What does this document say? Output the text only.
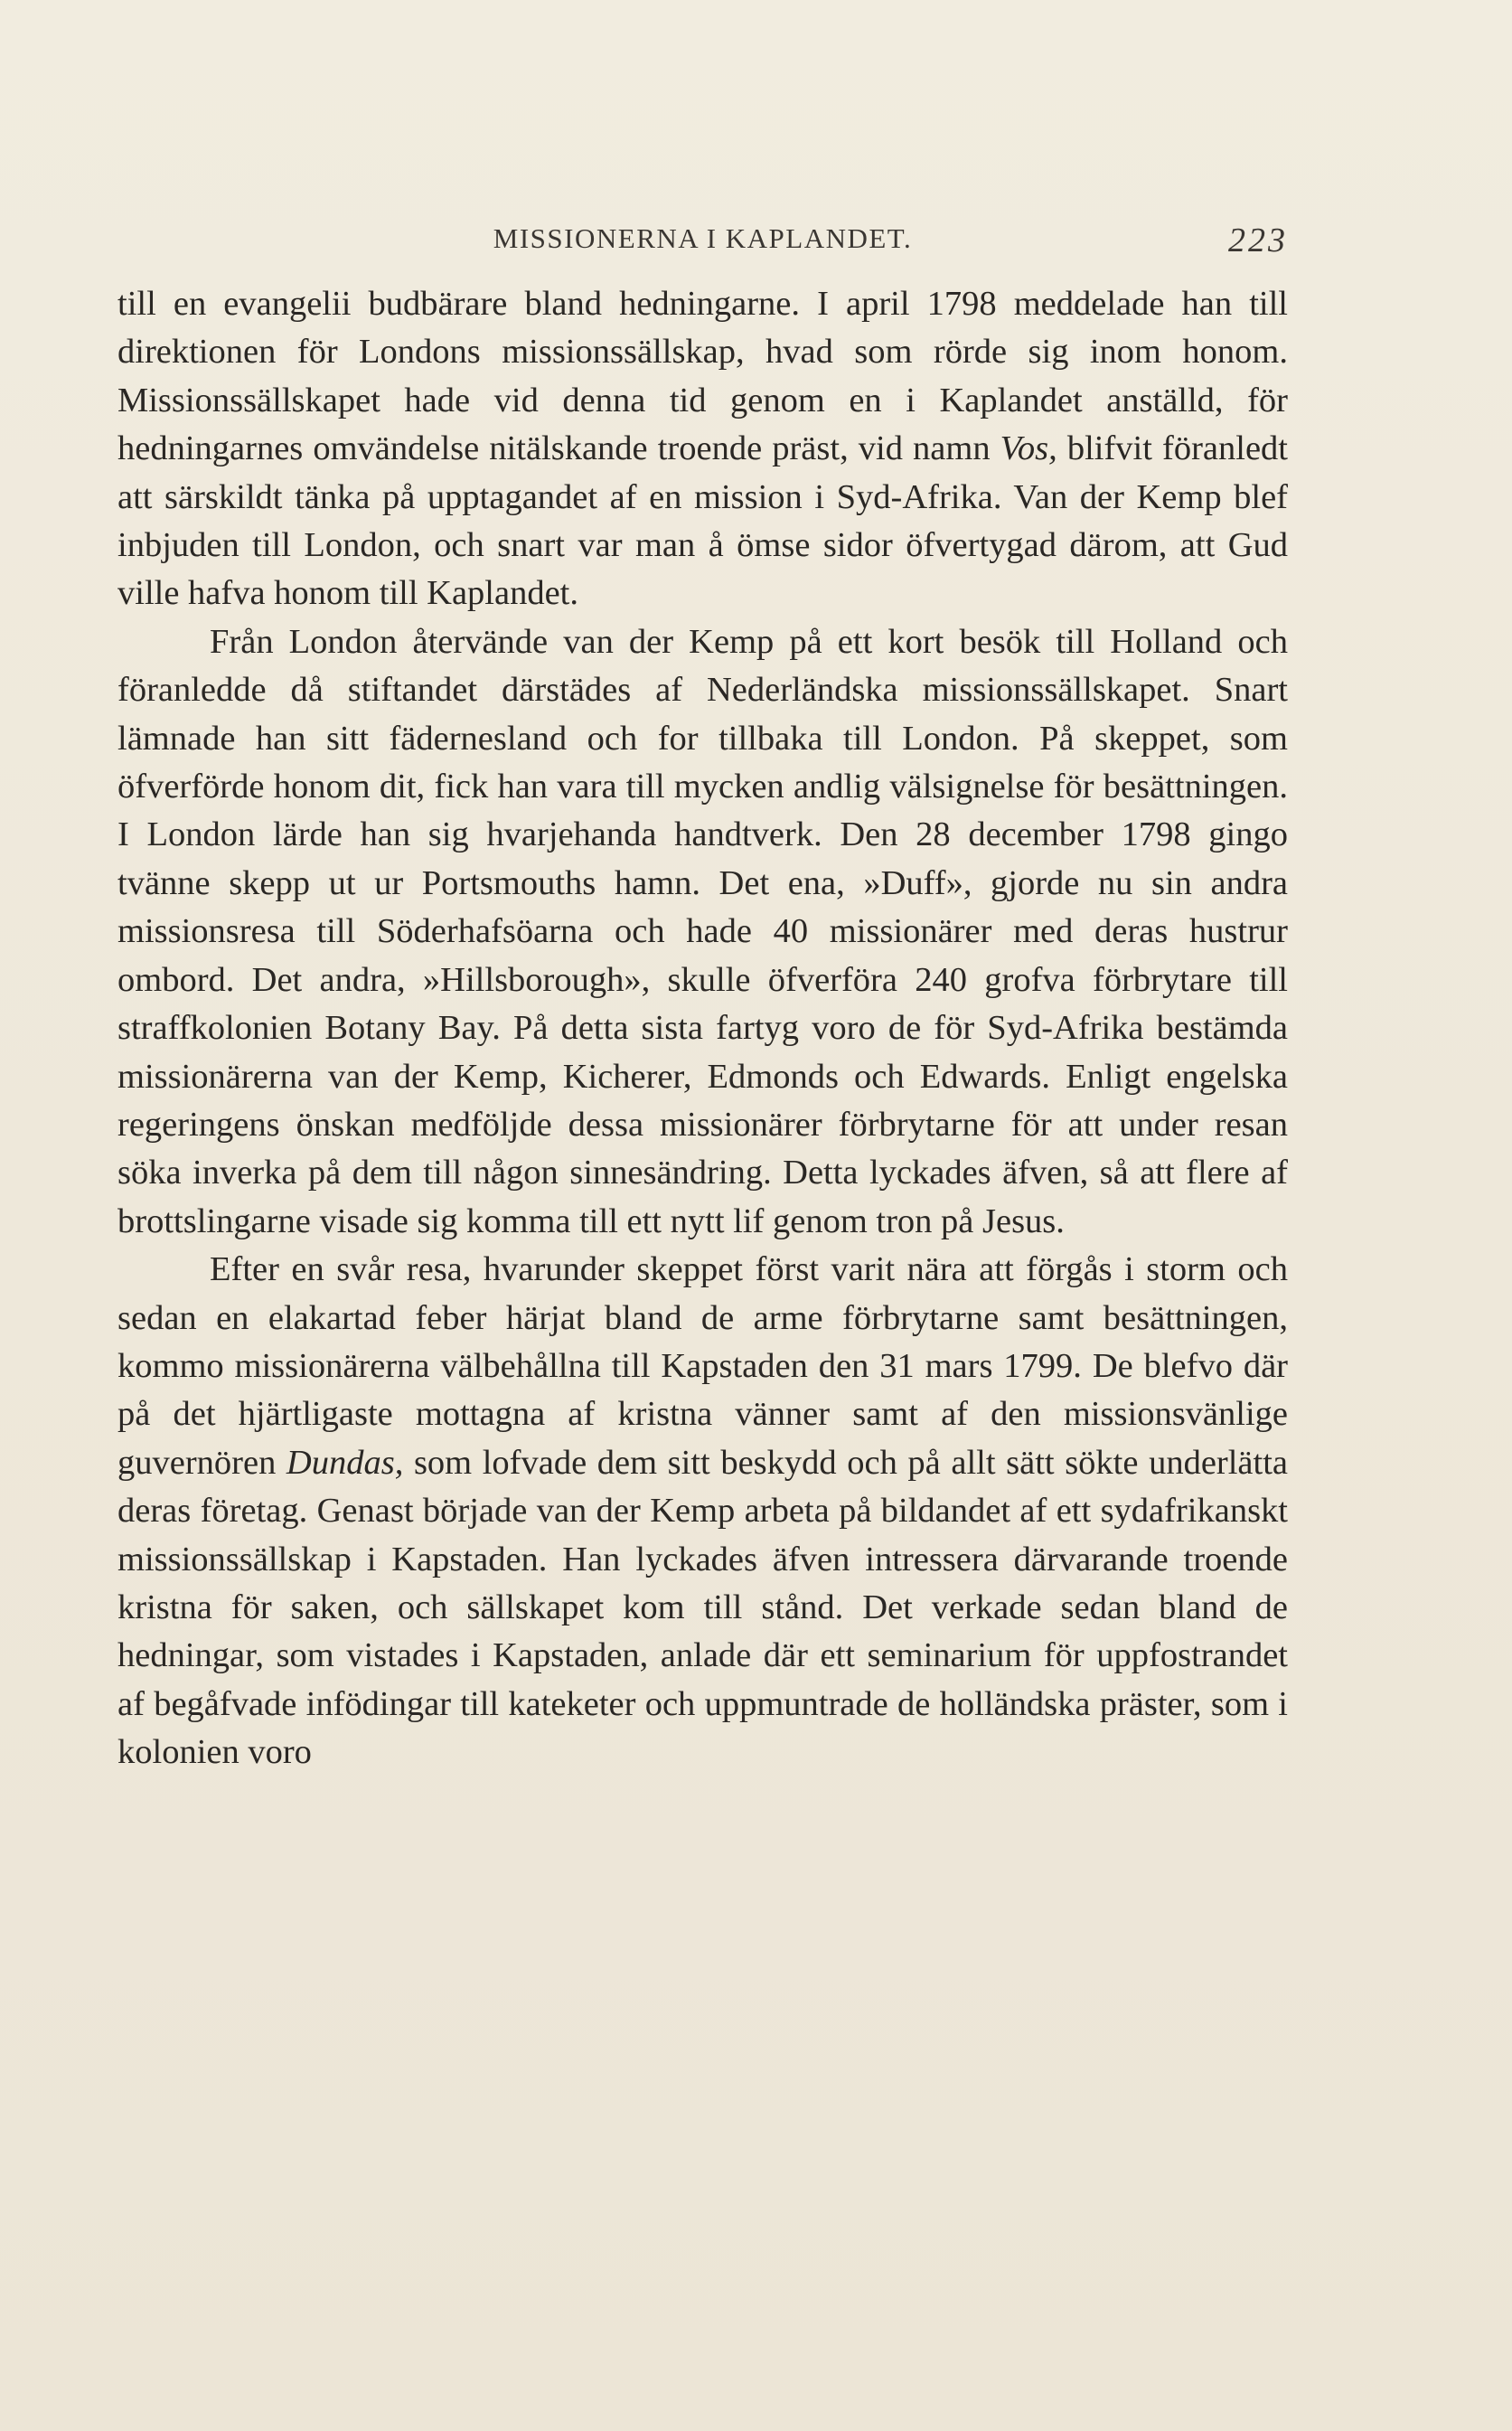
MISSIONERNA I KAPLANDET.	223

till en evangelii budbärare bland hedningarne. I april 1798 meddelade han till direktionen för Londons missionssällskap, hvad som rörde sig inom honom. Missionssällskapet hade vid denna tid genom en i Kaplandet anställd, för hedningarnes omvändelse nitälskande troende präst, vid namn Vos, blifvit föranledt att särskildt tänka på upptagandet af en mission i Syd-Afrika. Van der Kemp blef inbjuden till London, och snart var man å ömse sidor öfvertygad därom, att Gud ville hafva honom till Kaplandet.

Från London återvände van der Kemp på ett kort besök till Holland och föranledde då stiftandet därstädes af Nederländska missionssällskapet. Snart lämnade han sitt fädernesland och for tillbaka till London. På skeppet, som öfverförde honom dit, fick han vara till mycken andlig välsignelse för besättningen. I London lärde han sig hvarjehanda handtverk. Den 28 december 1798 gingo tvänne skepp ut ur Portsmouths hamn. Det ena, »Duff», gjorde nu sin andra missionsresa till Söderhafsöarna och hade 40 missionärer med deras hustrur ombord. Det andra, »Hillsborough», skulle öfverföra 240 grofva förbrytare till straffkolonien Botany Bay. På detta sista fartyg voro de för Syd-Afrika bestämda missionärerna van der Kemp, Kicherer, Edmonds och Edwards. Enligt engelska regeringens önskan medföljde dessa missionärer förbrytarne för att under resan söka inverka på dem till någon sinnesändring. Detta lyckades äfven, så att flere af brottslingarne visade sig komma till ett nytt lif genom tron på Jesus.

Efter en svår resa, hvarunder skeppet först varit nära att förgås i storm och sedan en elakartad feber härjat bland de arme förbrytarne samt besättningen, kommo missionärerna välbehållna till Kapstaden den 31 mars 1799. De blefvo där på det hjärtligaste mottagna af kristna vänner samt af den missionsvänlige guvernören Dundas, som lofvade dem sitt beskydd och på allt sätt sökte underlätta deras företag. Genast började van der Kemp arbeta på bildandet af ett sydafrikanskt missionssällskap i Kapstaden. Han lyckades äfven intressera därvarande troende kristna för saken, och sällskapet kom till stånd. Det verkade sedan bland de hedningar, som vistades i Kapstaden, anlade där ett seminarium för uppfostrandet af begåfvade infödingar till kateketer och uppmuntrade de holländska präster, som i kolonien voro
